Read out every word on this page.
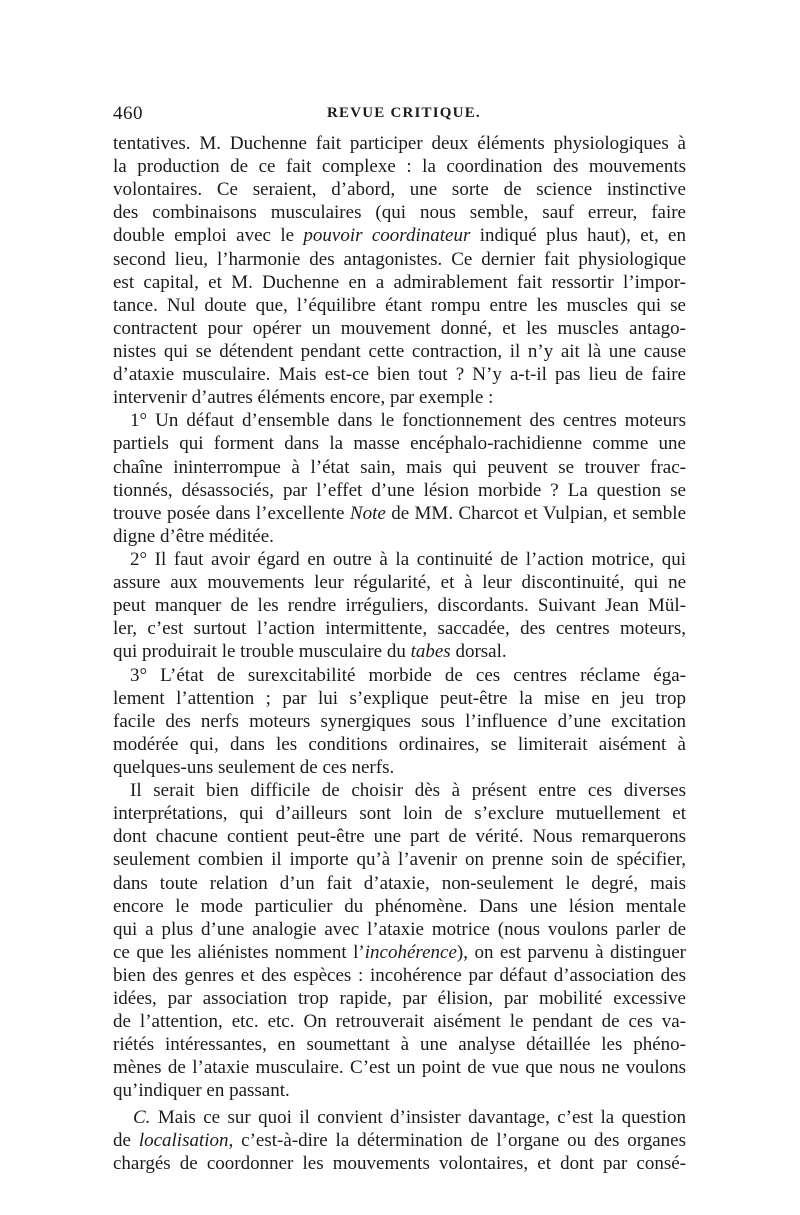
460	REVUE CRITIQUE.
tentatives. M. Duchenne fait participer deux éléments physiologiques à
la production de ce fait complexe : la coordination des mouvements
volontaires. Ce seraient, d’abord, une sorte de science instinctive
des combinaisons musculaires (qui nous semble, sauf erreur, faire
double emploi avec le pouvoir coordinateur indiqué plus haut), et, en
second lieu, l’harmonie des antagonistes. Ce dernier fait physiologique
est capital, et M. Duchenne en a admirablement fait ressortir l’impor-
tance. Nul doute que, l’équilibre étant rompu entre les muscles qui se
contractent pour opérer un mouvement donné, et les muscles antago-
nistes qui se détendent pendant cette contraction, il n’y ait là une cause
d’ataxie musculaire. Mais est-ce bien tout ? N’y a-t-il pas lieu de faire
intervenir d’autres éléments encore, par exemple :
1° Un défaut d’ensemble dans le fonctionnement des centres moteurs
partiels qui forment dans la masse encéphalo-rachidienne comme une
chaîne ininterrompue à l’état sain, mais qui peuvent se trouver frac-
tionnés, désassociés, par l’effet d’une lésion morbide ? La question se
trouve posée dans l’excellente Note de MM. Charcot et Vulpian, et semble
digne d’être méditée.
2° Il faut avoir égard en outre à la continuité de l’action motrice, qui
assure aux mouvements leur régularité, et à leur discontinuité, qui ne
peut manquer de les rendre irréguliers, discordants. Suivant Jean Mül-
ler, c’est surtout l’action intermittente, saccadée, des centres moteurs,
qui produirait le trouble musculaire du tabes dorsal.
3° L’état de surexcitabilité morbide de ces centres réclame éga-
lement l’attention ; par lui s’explique peut-être la mise en jeu trop
facile des nerfs moteurs synergiques sous l’influence d’une excitation
modérée qui, dans les conditions ordinaires, se limiterait aisément à
quelques-uns seulement de ces nerfs.
Il serait bien difficile de choisir dès à présent entre ces diverses
interprétations, qui d’ailleurs sont loin de s’exclure mutuellement et
dont chacune contient peut-être une part de vérité. Nous remarquerons
seulement combien il importe qu’à l’avenir on prenne soin de spécifier,
dans toute relation d’un fait d’ataxie, non-seulement le degré, mais
encore le mode particulier du phénomène. Dans une lésion mentale
qui a plus d’une analogie avec l’ataxie motrice (nous voulons parler de
ce que les aliénistes nomment l’incohérence), on est parvenu à distinguer
bien des genres et des espèces : incohérence par défaut d’association des
idées, par association trop rapide, par élision, par mobilité excessive
de l’attention, etc. etc. On retrouverait aisément le pendant de ces va-
riétés intéressantes, en soumettant à une analyse détaillée les phéno-
mènes de l’ataxie musculaire. C’est un point de vue que nous ne voulons
qu’indiquer en passant.
C. Mais ce sur quoi il convient d’insister davantage, c’est la question
de localisation, c’est-à-dire la détermination de l’organe ou des organes
chargés de coordonner les mouvements volontaires, et dont par consé-
